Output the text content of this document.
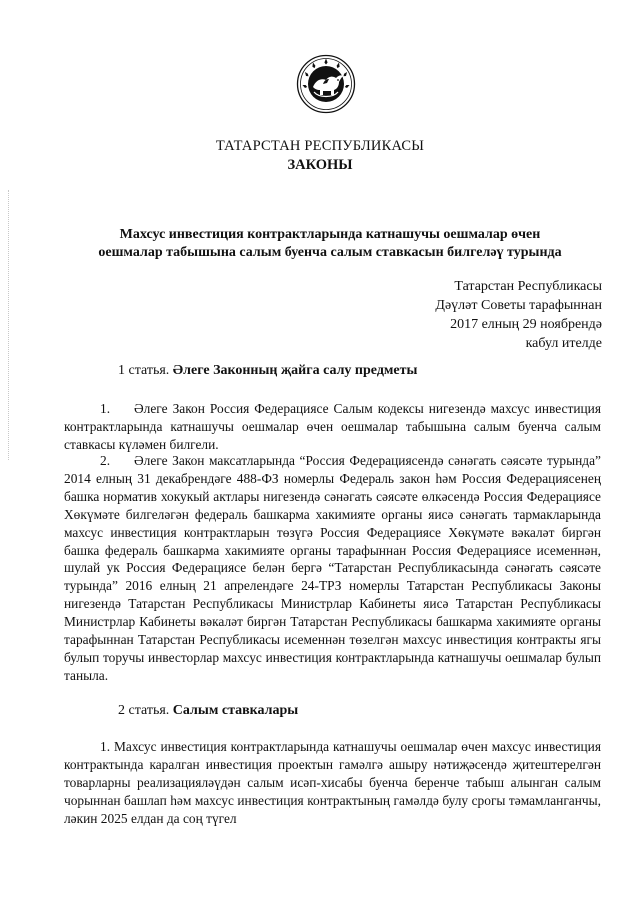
ТАТАРСТАН РЕСПУБЛИКАСЫ
ЗАКОНЫ
Махсус инвестиция контрактларында катнашучы оешмалар өчен
оешмалар табышына салым буенча салым ставкасын билгеләү турында
Татарстан Республикасы
Дәүләт Советы тарафыннан
2017 елның 29 ноябрендә
кабул ителде
1 статья. Әлеге Законның җайга салу предметы
1. Әлеге Закон Россия Федерациясе Салым кодексы нигезендә махсус инвестиция контрактларында катнашучы оешмалар өчен оешмалар табышына салым буенча салым ставкасы күләмен билгели.
2. Әлеге Закон максатларында “Россия Федерациясендә сәнәгать сәясәте турында” 2014 елның 31 декабрендәге 488-ФЗ номерлы Федераль закон һәм Россия Федерациясенең башка норматив хокукый актлары нигезендә сәнәгать сәясәте өлкәсендә Россия Федерациясе Хөкүмәте билгеләгән федераль башкарма хакимияте органы яисә сәнәгать тармакларында махсус инвестиция контрактларын төзүгә Россия Федерациясе Хөкүмәте вәкаләт биргән башка федераль башкарма хакимияте органы тарафыннан Россия Федерациясе исеменнән, шулай ук Россия Федерациясе белән бергә “Татарстан Республикасында сәнәгать сәясәте турында” 2016 елның 21 апрелендәге 24-ТРЗ номерлы Татарстан Республикасы Законы нигезендә Татарстан Республикасы Министрлар Кабинеты яисә Татарстан Республикасы Министрлар Кабинеты вәкаләт биргән Татарстан Республикасы башкарма хакимияте органы тарафыннан Татарстан Республикасы исеменнән төзелгән махсус инвестиция контракты ягы булып торучы инвесторлар махсус инвестиция контрактларында катнашучы оешмалар булып таныла.
2 статья. Салым ставкалары
1. Махсус инвестиция контрактларында катнашучы оешмалар өчен махсус инвестиция контрактында каралган инвестиция проектын гамәлгә ашыру нәтиҗәсендә җитештерелгән товарларны реализацияләүдән салым исәп-хисабы буенча беренче табыш алынган салым чорыннан башлап һәм махсус инвестиция контрактының гамәлдә булу срогы тәмамланганчы, ләкин 2025 елдан да соң түгел
